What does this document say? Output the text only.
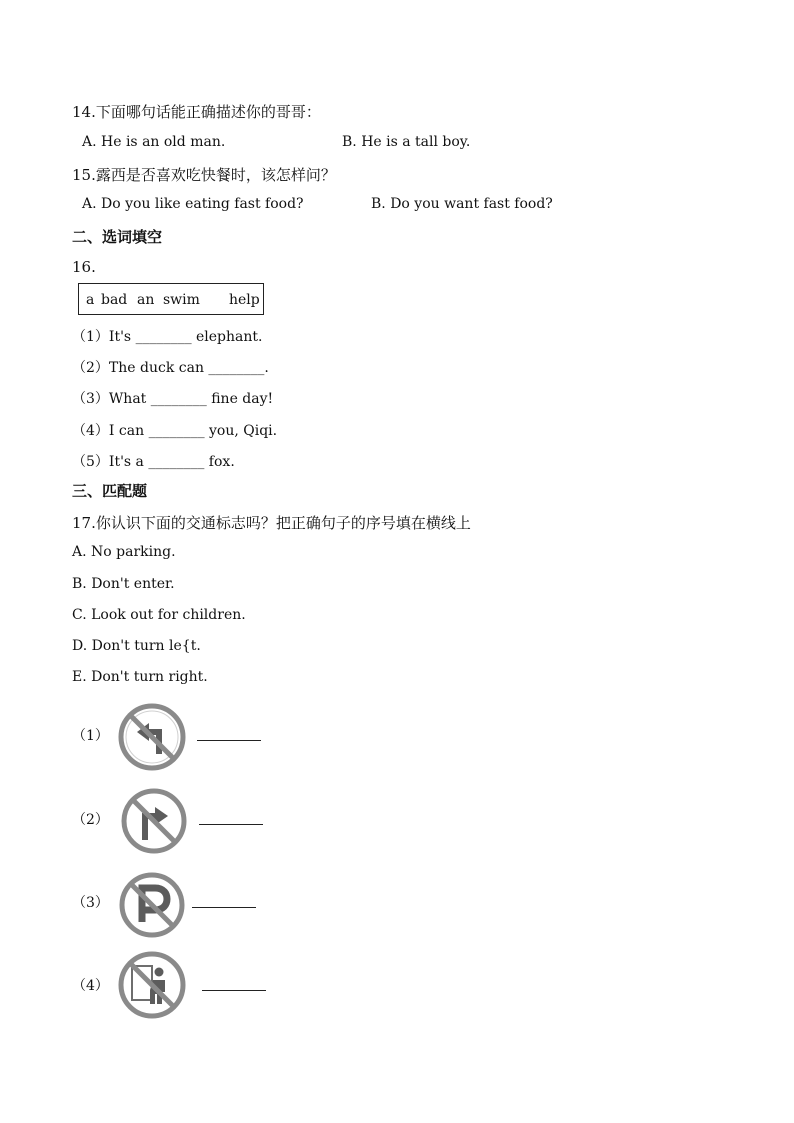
14.下面哪句话能正确描述你的哥哥：
A. He is an old man.	B. He is a tall boy.
15.露西是否喜欢吃快餐时，该怎样问？
A. Do you like eating fast food?	B. Do you want fast food?
二、选词填空
16.
a bad an swim help
（1）It's ________ elephant.
（2）The duck can ________.
（3）What ________ fine day!
（4）I can ________ you, Qiqi.
（5）It's a ________ fox.
三、匹配题
17.你认识下面的交通标志吗？把正确句子的序号填在横线上
A. No parking.
B. Don't enter.
C. Look out for children.
D. Don't turn le{t.
E. Don't turn right.
（1）
（2）
（3）
（4）
